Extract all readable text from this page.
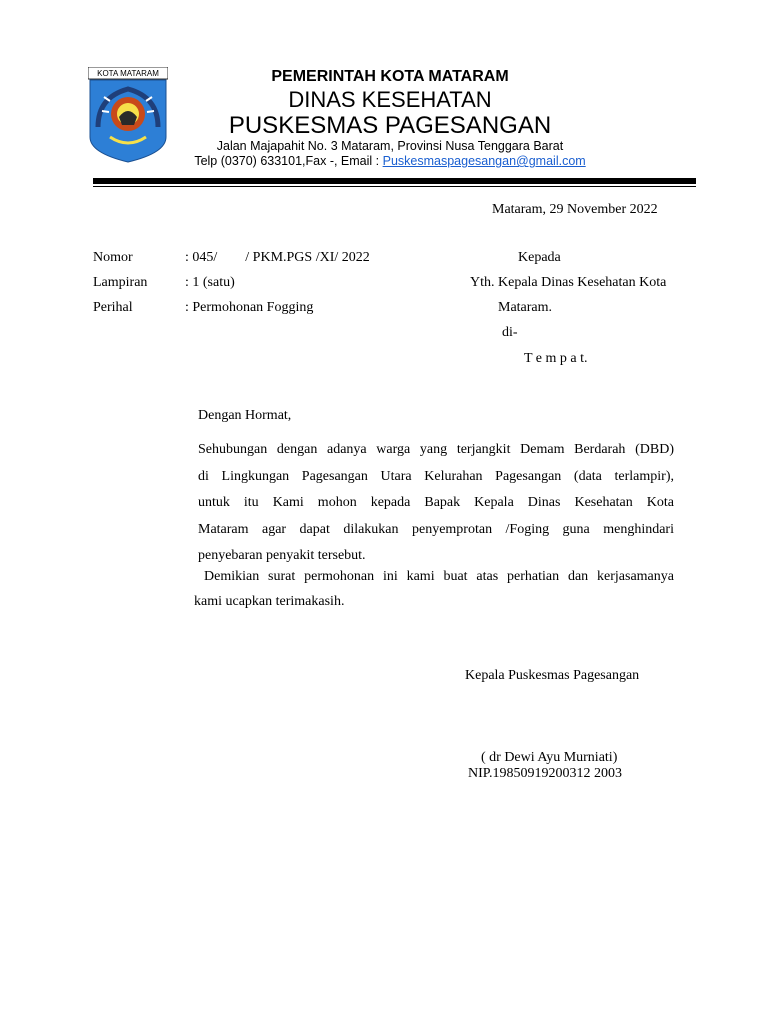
KOTA MATARAM	PEMERINTAH KOTA MATARAM
DINAS KESEHATAN
PUSKESMAS PAGESANGAN
Jalan Majapahit No. 3 Mataram, Provinsi Nusa Tenggara Barat
Telp (0370) 633101,Fax -, Email : Puskesmaspagesangan@gmail.com
Mataram, 29 November 2022
Nomor	: 045/        / PKM.PGS /XI/ 2022
Lampiran	: 1 (satu)
Perihal	: Permohonan Fogging
Kepada
Yth. Kepala Dinas Kesehatan Kota
Mataram.
di-
T e m p a t.
Dengan Hormat,
Sehubungan dengan adanya warga yang terjangkit Demam Berdarah (DBD)
di Lingkungan Pagesangan Utara Kelurahan Pagesangan (data terlampir),
untuk itu Kami mohon kepada Bapak Kepala Dinas Kesehatan Kota
Mataram agar dapat dilakukan penyemprotan /Foging guna menghindari
penyebaran penyakit tersebut.
Demikian surat permohonan ini kami buat atas perhatian dan kerjasamanya
kami ucapkan terimakasih.
Kepala Puskesmas Pagesangan
( dr Dewi Ayu Murniati)
NIP.19850919200312 2003
